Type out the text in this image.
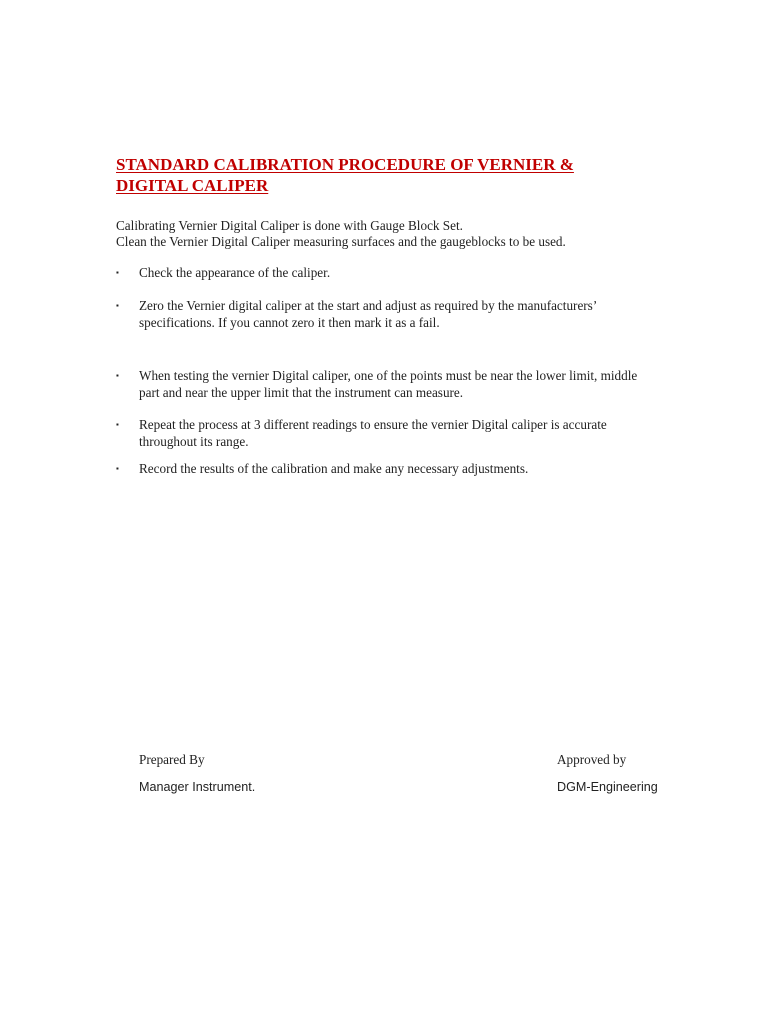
STANDARD CALIBRATION PROCEDURE OF VERNIER &
DIGITAL CALIPER
Calibrating Vernier Digital Caliper is done with Gauge Block Set.
Clean the Vernier Digital Caliper measuring surfaces and the gaugeblocks to be used.
▪	Check the appearance of the caliper.
▪	Zero the Vernier digital caliper at the start and adjust as required by the manufacturers’ specifications. If you cannot zero it then mark it as a fail.
▪	When testing the vernier Digital caliper, one of the points must be near the lower limit, middle part and near the upper limit that the instrument can measure.
▪	Repeat the process at 3 different readings to ensure the vernier Digital caliper is accurate throughout its range.
▪	Record the results of the calibration and make any necessary adjustments.
Prepared By
Manager Instrument.
Approved by
DGM-Engineering
